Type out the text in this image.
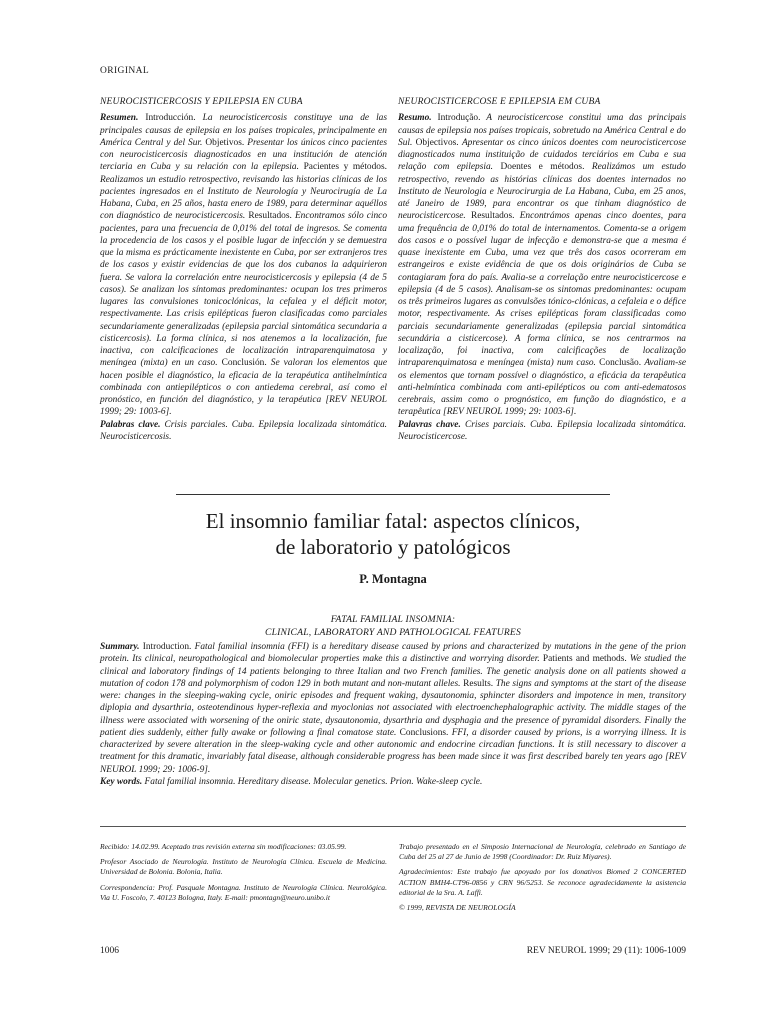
ORIGINAL
NEUROCISTICERCOSIS Y EPILEPSIA EN CUBA
Resumen. Introducción. La neurocisticercosis constituye una de las principales causas de epilepsia en los países tropicales, principalmente en América Central y del Sur. Objetivos. Presentar los únicos cinco pacientes con neurocisticercosis diagnosticados en una institución de atención terciaria en Cuba y su relación con la epilepsia. Pacientes y métodos. Realizamos un estudio retrospectivo, revisando las historias clínicas de los pacientes ingresados en el Instituto de Neurología y Neurocirugía de La Habana, Cuba, en 25 años, hasta enero de 1989, para determinar aquéllos con diagnóstico de neurocisticercosis. Resultados. Encontramos sólo cinco pacientes, para una frecuencia de 0,01% del total de ingresos. Se comenta la procedencia de los casos y el posible lugar de infección y se demuestra que la misma es prácticamente inexistente en Cuba, por ser extranjeros tres de los casos y existir evidencias de que los dos cubanos la adquirieron fuera. Se valora la correlación entre neurocisticercosis y epilepsia (4 de 5 casos). Se analizan los síntomas predominantes: ocupan los tres primeros lugares las convulsiones tonicoclónicas, la cefalea y el déficit motor, respectivamente. Las crisis epilépticas fueron clasificadas como parciales secundariamente generalizadas (epilepsia parcial sintomática secundaria a cisticercosis). La forma clínica, si nos atenemos a la localización, fue inactiva, con calcificaciones de localización intraparenquimatosa y meníngea (mixta) en un caso. Conclusión. Se valoran los elementos que hacen posible el diagnóstico, la eficacia de la terapéutica antihelmíntica combinada con antiepilépticos o con antiedema cerebral, así como el pronóstico, en función del diagnóstico, y la terapéutica [REV NEUROL 1999; 29: 1003-6].
Palabras clave. Crisis parciales. Cuba. Epilepsia localizada sintomática. Neurocisticercosis.
NEUROCISTICERCOSE E EPILEPSIA EM CUBA
Resumo. Introdução. A neurocisticercose constitui uma das principais causas de epilepsia nos países tropicais, sobretudo na América Central e do Sul. Objectivos. Apresentar os cinco únicos doentes com neurocisticercose diagnosticados numa instituição de cuidados terciários em Cuba e sua relação com epilepsia. Doentes e métodos. Realizámos um estudo retrospectivo, revendo as histórias clínicas dos doentes internados no Instituto de Neurologia e Neurocirurgia de La Habana, Cuba, em 25 anos, até Janeiro de 1989, para encontrar os que tinham diagnóstico de neurocisticercose. Resultados. Encontrámos apenas cinco doentes, para uma frequência de 0,01% do total de internamentos. Comenta-se a origem dos casos e o possível lugar de infecção e demonstra-se que a mesma é quase inexistente em Cuba, uma vez que três dos casos ocorreram em estrangeiros e existe evidência de que os dois originários de Cuba se contagiaram fora do país. Avalia-se a correlação entre neurocisticercose e epilepsia (4 de 5 casos). Analisam-se os sintomas predominantes: ocupam os três primeiros lugares as convulsões tónico-clónicas, a cefaleia e o défice motor, respectivamente. As crises epilépticas foram classificadas como parciais secundariamente generalizadas (epilepsia parcial sintomática secundária a cisticercose). A forma clínica, se nos centrarmos na localização, foi inactiva, com calcificações de localização intraparenquimatosa e meníngea (mista) num caso. Conclusão. Avaliam-se os elementos que tornam possível o diagnóstico, a eficácia da terapêutica anti-helmíntica combinada com anti-epilépticos ou com anti-edematosos cerebrais, assim como o prognóstico, em função do diagnóstico, e a terapêutica [REV NEUROL 1999; 29: 1003-6].
Palavras chave. Crises parciais. Cuba. Epilepsia localizada sintomática. Neurocisticercose.
El insomnio familiar fatal: aspectos clínicos,
de laboratorio y patológicos
P. Montagna
FATAL FAMILIAL INSOMNIA:
CLINICAL, LABORATORY AND PATHOLOGICAL FEATURES
Summary. Introduction. Fatal familial insomnia (FFI) is a hereditary disease caused by prions and characterized by mutations in the gene of the prion protein. Its clinical, neuropathological and biomolecular properties make this a distinctive and worrying disorder. Patients and methods. We studied the clinical and laboratory findings of 14 patients belonging to three Italian and two French families. The genetic analysis done on all patients showed a mutation of codon 178 and polymorphism of codon 129 in both mutant and non-mutant alleles. Results. The signs and symptoms at the start of the disease were: changes in the sleeping-waking cycle, oniric episodes and frequent waking, dysautonomia, sphincter disorders and impotence in men, transitory diplopia and dysarthria, osteotendinous hyper-reflexia and myoclonias not associated with electroenchephalographic activity. The middle stages of the illness were associated with worsening of the oniric state, dysautonomia, dysarthria and dysphagia and the presence of pyramidal disorders. Finally the patient dies suddenly, either fully awake or following a final comatose state. Conclusions. FFI, a disorder caused by prions, is a worrying illness. It is characterized by severe alteration in the sleep-waking cycle and other autonomic and endocrine circadian functions. It is still necessary to discover a treatment for this dramatic, invariably fatal disease, although considerable progress has been made since it was first described barely ten years ago [REV NEUROL 1999; 29: 1006-9].
Key words. Fatal familial insomnia. Hereditary disease. Molecular genetics. Prion. Wake-sleep cycle.

Recibido: 14.02.99. Aceptado tras revisión externa sin modificaciones: 03.05.99.

Profesor Asociado de Neurología. Instituto de Neurología Clínica. Escuela de Medicina. Universidad de Bolonia. Bolonia, Italia.

Correspondencia: Prof. Pasquale Montagna. Instituto de Neurología Clínica. Neurológica. Via U. Foscolo, 7. 40123 Bologna, Italy. E-mail: pmontagn@neuro.unibo.it

Trabajo presentado en el Simposio Internacional de Neurología, celebrado en Santiago de Cuba del 25 al 27 de Junio de 1998 (Coordinador: Dr. Ruiz Miyares).

Agradecimientos: Este trabajo fue apoyado por los donativos Biomed 2 CONCERTED ACTION BMH4-CT96-0856 y CRN 96/5253. Se reconoce agradecidamente la asistencia editorial de la Sra. A. Laffi.

© 1999, REVISTA DE NEUROLOGÍA

1006	REV NEUROL 1999; 29 (11): 1006-1009
